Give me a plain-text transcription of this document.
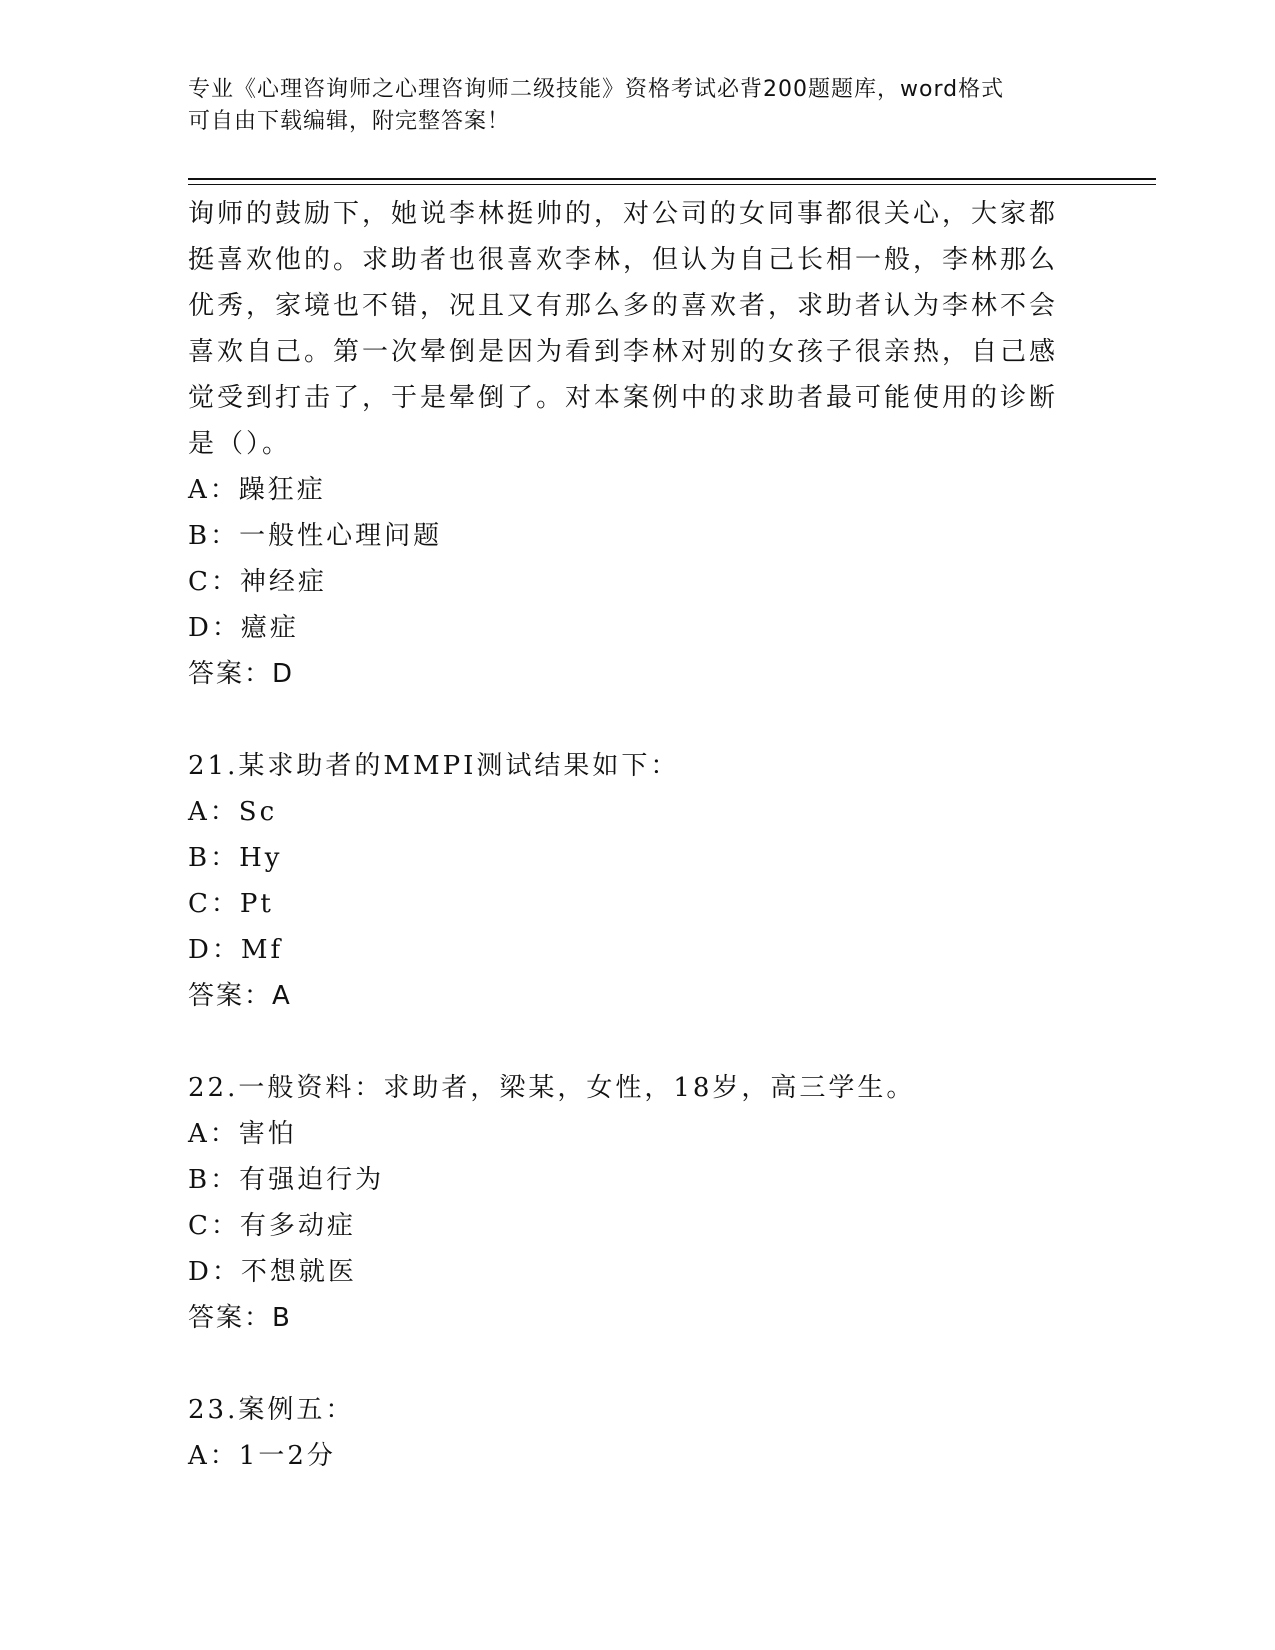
专业《心理咨询师之心理咨询师二级技能》资格考试必背200题题库，word格式
可自由下载编辑，附完整答案！
询师的鼓励下，她说李林挺帅的，对公司的女同事都很关心，大家都
挺喜欢他的。求助者也很喜欢李林，但认为自己长相一般，李林那么
优秀，家境也不错，况且又有那么多的喜欢者，求助者认为李林不会
喜欢自己。第一次晕倒是因为看到李林对别的女孩子很亲热，自己感
觉受到打击了，于是晕倒了。对本案例中的求助者最可能使用的诊断
是（）。
A：躁狂症
B：一般性心理问题
C：神经症
D：癔症
答案：D
21.某求助者的MMPI测试结果如下：
A：Sc
B：Hy
C：Pt
D：Mf
答案：A
22.一般资料：求助者，梁某，女性，18岁，高三学生。
A：害怕
B：有强迫行为
C：有多动症
D：不想就医
答案：B
23.案例五：
A：1一2分
